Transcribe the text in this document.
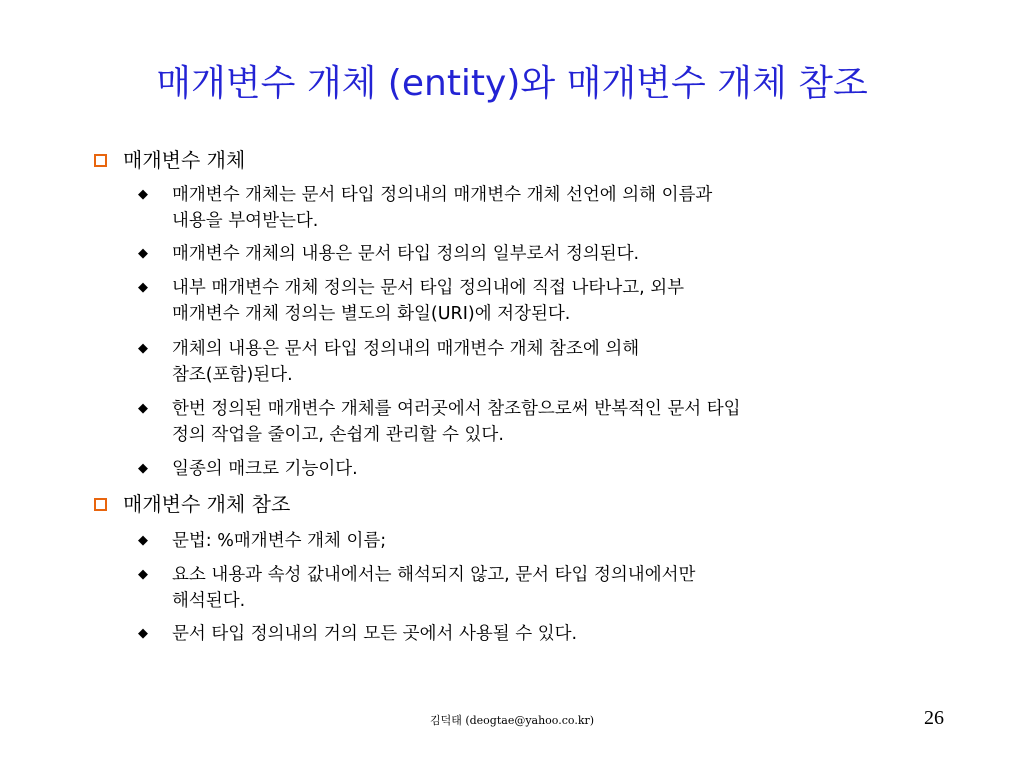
매개변수 개체 (entity)와 매개변수 개체 참조
매개변수 개체
◆ 매개변수 개체는 문서 타입 정의내의 매개변수 개체 선언에 의해 이름과
내용을 부여받는다.
◆ 매개변수 개체의 내용은 문서 타입 정의의 일부로서 정의된다.
◆ 내부 매개변수 개체 정의는 문서 타입 정의내에 직접 나타나고, 외부
매개변수 개체 정의는 별도의 화일(URI)에 저장된다.
◆ 개체의 내용은 문서 타입 정의내의 매개변수 개체 참조에 의해
참조(포함)된다.
◆ 한번 정의된 매개변수 개체를 여러곳에서 참조함으로써 반복적인 문서 타입
정의 작업을 줄이고, 손쉽게 관리할 수 있다.
◆ 일종의 매크로 기능이다.
매개변수 개체 참조
◆ 문법: %매개변수 개체 이름;
◆ 요소 내용과 속성 값내에서는 해석되지 않고, 문서 타입 정의내에서만
해석된다.
◆ 문서 타입 정의내의 거의 모든 곳에서 사용될 수 있다.
김덕태 (deogtae@yahoo.co.kr)	26
